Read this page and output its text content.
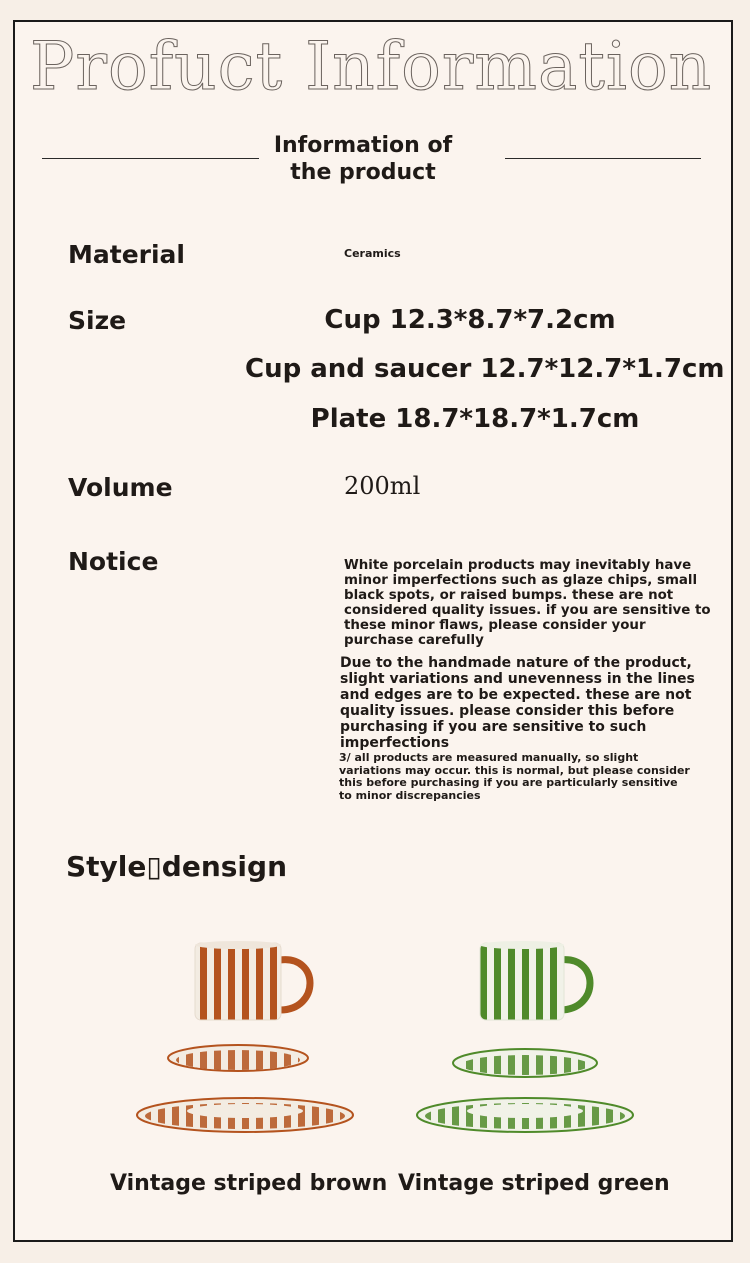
Profuct Information
Information of
the product
Material	Ceramics
Size	Cup 12.3*8.7*7.2cm
Cup and saucer 12.7*12.7*1.7cm
Plate 18.7*18.7*1.7cm
Volume	200ml
Notice	White porcelain products may inevitably have minor imperfections such as glaze chips, small black spots, or raised bumps. these are not considered quality issues. if you are sensitive to these minor flaws, please consider your purchase carefully
Due to the handmade nature of the product, slight variations and unevenness in the lines and edges are to be expected. these are not quality issues. please consider this before purchasing if you are sensitive to such imperfections
3/ all products are measured manually, so slight variations may occur. this is normal, but please consider this before purchasing if you are particularly sensitive to minor discrepancies
Style▯densign
Vintage striped brown Vintage striped green
